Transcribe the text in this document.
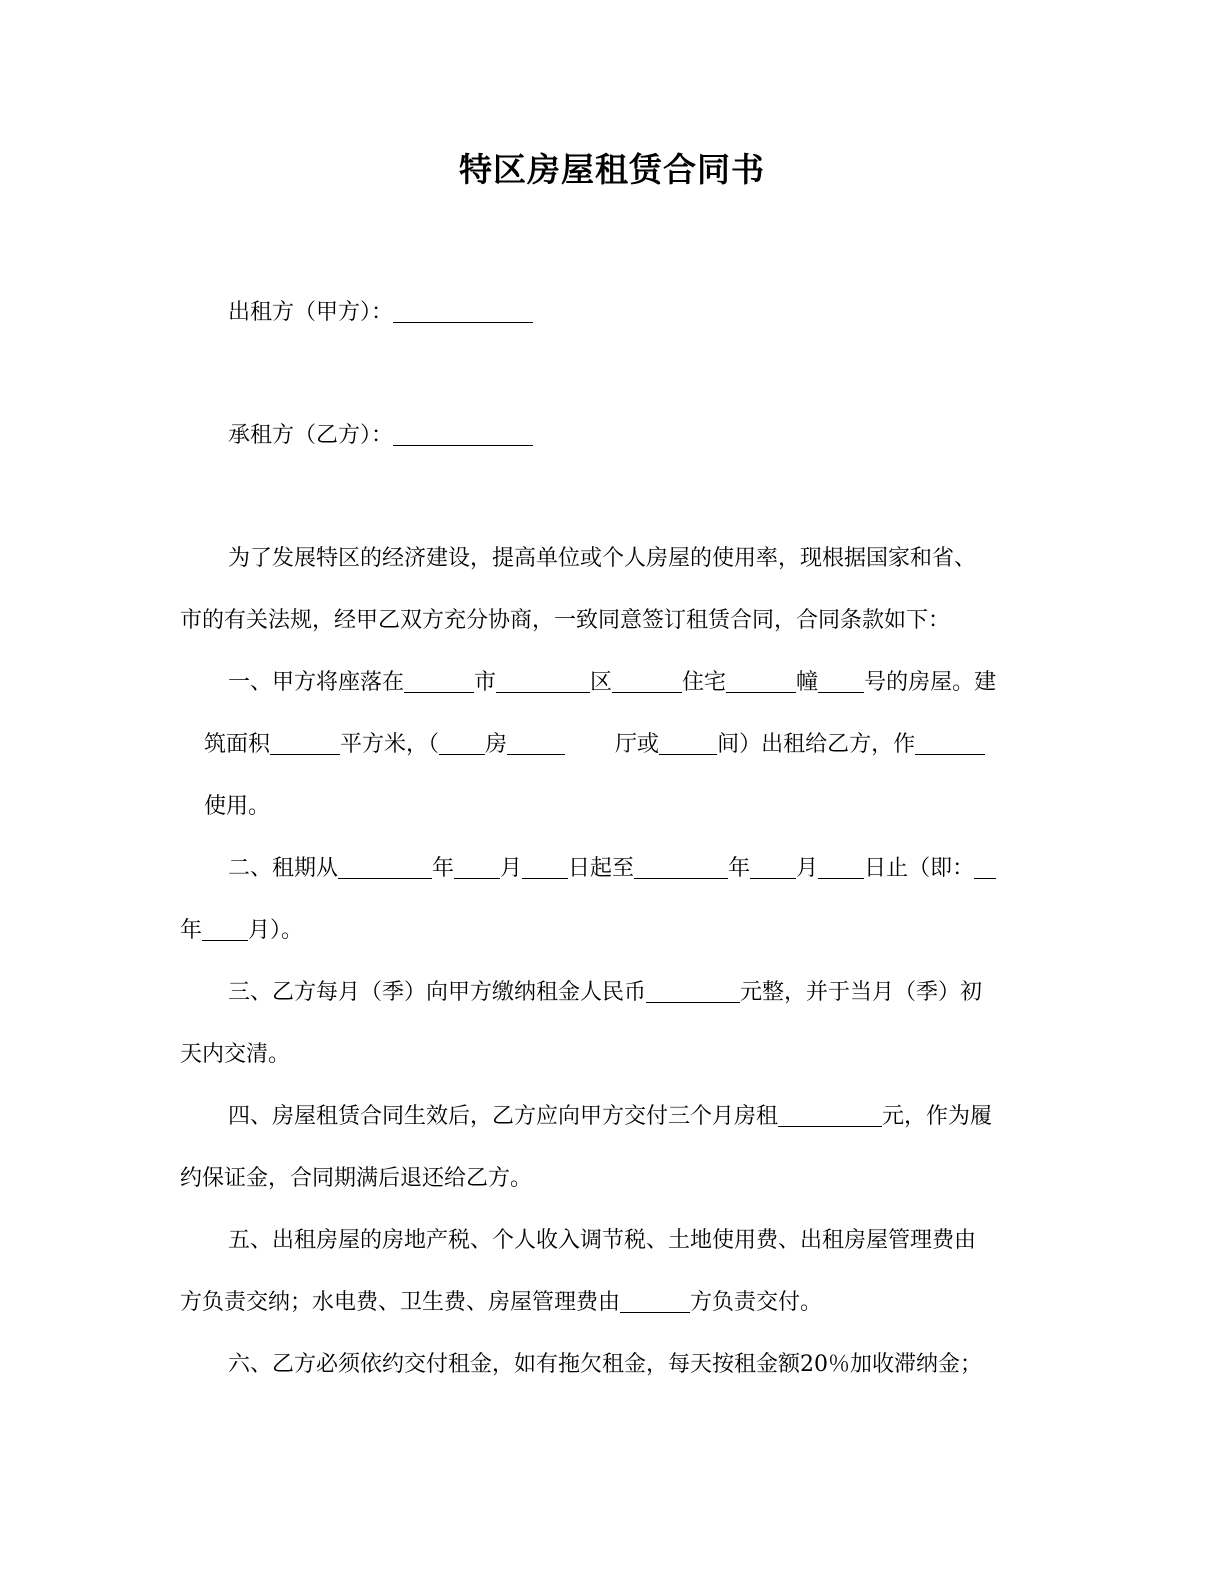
特区房屋租赁合同书
出租方（甲方）：
承租方（乙方）：
为了发展特区的经济建设，提高单位或个人房屋的使用率，现根据国家和省、
市的有关法规，经甲乙双方充分协商，一致同意签订租赁合同，合同条款如下：
一、甲方将座落在	市	区	住宅	幢 号的房屋。建
筑面积	平方米，（ 房	厅或	间）出租给乙方，作
使用。
二、租期从	年 月 日起至	年 月 日止（即：
年 月）。
三、乙方每月（季）向甲方缴纳租金人民币	元整，并于当月（季）初
天内交清。
四、房屋租赁合同生效后，乙方应向甲方交付三个月房租	元，作为履
约保证金，合同期满后退还给乙方。
五、出租房屋的房地产税、个人收入调节税、土地使用费、出租房屋管理费由
方负责交纳；水电费、卫生费、房屋管理费由	方负责交付。
六、乙方必须依约交付租金，如有拖欠租金，每天按租金额20％加收滞纳金；
